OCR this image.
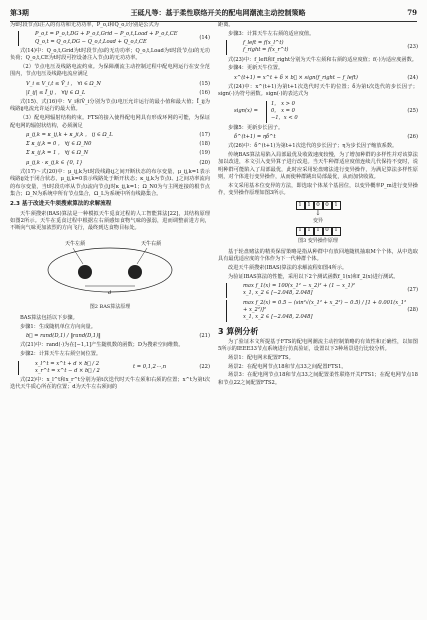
第3期	王砥凡等：基于柔性联络开关的配电网潮流主动控制策略	79

为t时段节点i注入的有功和无功功率，P_o,i和Q_o,i分别是公式为

P_o,t = P_o,t,DG + P_o,t,Grid − P_o,t,Load + P_o,t,CE
Q_o,t = Q_o,t,DG − Q_o,t,Load + Q_o,t,CE
(14)

式(14)中：Q_o,t,Grid为t时段节点i的无功功率；Q_o,t,Load为t时段节点i的无功负荷；Q_o,t,CE为t时段可控设备注入节点i的无功功率。

（2）节点电压及线路电流约束。为保障潮流主动控制过程中配电网运行在安全范围内，节点电压及线路电流应满足

V_i ≤ V_i,t ≤ V̄_i ， ∀i ∈ Ω_N	(15)
|I_ij| ≤ Ī_ij ， ∀ij ∈ Ω_L	(16)

式(15)、式(16)中：V_i和V̄_i分别为节点i电压允许运行的最小值和最大值；Ī_ij为线路ij电流允许运行的最大值。

（3）配电网辐射结构约束。FTS的接入使得配电网具有形成环网的可能，为保证配电网的辐射状结构，必须满足

μ_ij,k = κ_ij,k + κ_ji,k ， ij ∈ Ω_L	(17)
Σ κ_ij,k = 0 ， ∀j ∈ Ω_N0	(18)
Σ κ_ij,k = 1 ， ∀j ∈ Ω_N	(19)
μ_ij,k · κ_ij,k ∈ {0, 1}	(20)

式(17)～式(20)中：μ_ij,k为t时段线路ij之间开断状态的布尔变量，μ_ij,k=1表示线路ij处于闭合状态，μ_ij,k=0表示线路处于断开状态；κ_ij,k为节点i、j之间功率流向的布尔变量，当t时段功率从节点i流向节点j时κ_ij,k=1；Ω_N0为与主网连接的根节点集合；Ω_N为系统中所有节点集合，Ω_L为系统中所有线路集合。

2.3 基于改进天牛须搜索算法的求解流程

天牛须搜索(BAS)算法是一种模拟天牛觅食过程的人工智能算法[22]，其结构原理如图2所示。天牛在觅食过程中根据左右须感知食物气味的强弱，进而调整前进方向，不断向气味更加浓烈的方向飞行，最终到达食物目标处。

天牛左须	天牛右须
d
图2 BAS算法原理

BAS算法包括以下步骤。

步骤1：生成随机单位方向向量。

b⃗ = rand(D,1) / ‖rand(D,1)‖	(21)

式(21)中：rand(·)为在[−1,1]产生随机数的函数；D为搜索空间维数。

步骤2：计算天牛左右须空间位置。

x_l^t = x^t + d × b⃗ / 2
x_r^t = x^t − d × b⃗ / 2
t = 0,1,2⋯,n	(22)

式(22)中：x_l^t和x_r^t分别为第t次迭代时天牛左须和右须的位置；x^t为第t次迭代天牛质心所在的位置；d为天牛左右须间的

距离。

步骤3：计算天牛左右须的适应度值。

f_left = f(x_l^t)
f_right = f(x_r^t)
(23)

式(23)中：f_left和f_right分别为天牛左须和右须的适应度值；f(·)为适应度函数。

步骤4：更新天牛位置。

x^(t+1) = x^t + δ × b⃗ × sign(f_right − f_left)	(24)

式(24)中：x^(t+1)为第t+1次迭代时天牛的位置；δ为第t次迭代的步长因子；sign(·)为符号函数。sign(·)的表达式为

sign(x) =
1， x > 0
0， x = 0
−1，x < 0
(25)

步骤5：更新步长因子。

δ^(t+1) = ηδ^t	(26)

式(26)中：δ^(t+1)为第t+1次迭代的步长因子；η为步长因子缩放系数。

传统BAS算法易陷入局部最优及收敛速度较慢，为了增加种群的多样性并对该算法加以改进，本文引入变异算子进行改进。当天牛种群适应度值连续几代保持不变时，说明种群可能陷入了局部最优，此时应采用轮盘赌法进行变异操作，为满足算法多样性原则，对个体进行变异操作，从而使种群跳出局部最优，从而加快收敛。

本文采用基本位变异的方法，即选取个体某个基因位，以变异概率P_m进行变异操作，变异操作原理如图3所示。

1	1	0	0	1
↓
变异
1	1	1	0	1
图3 变异操作原理

基于轮盘赌法的精英保留策略是指从种群中有放回地随机抽取M个个体，从中选取具有最优适应度的个体作为下一代种群个体。

改进天牛须搜索(IBAS)算法的求解流程如图4所示。

为验证IBAS算法的性能，采用以下2个测试函数f_1(x)和f_2(x)进行测试。

max f_1(x) = 100(x_1² − x_2)² + (1 − x_1)²
x_1, x_2 ∈ [−2.048, 2.048]
(27)
max f_2(x) = 0.5 − (sin²√(x_1² + x_2²) − 0.5) / [1 + 0.001(x_1² + x_2²)]²
x_1, x_2 ∈ [−2.048, 2.048]
(28)
3 算例分析

为了验证本文所提基于FTS的配电网潮流主动控制策略的有效性和正确性，以如图5所示的IEEE33节点系统进行仿真验证，设置以下3种场景进行比较分析。

场景1：配电网未配置FTS。

场景2：在配电网节点18和节点33之间配置FTS1。

场景3：在配电网节点18和节点33之间配置柔性联络开关FTS1；在配电网节点18和节点22之间配置FTS2。
